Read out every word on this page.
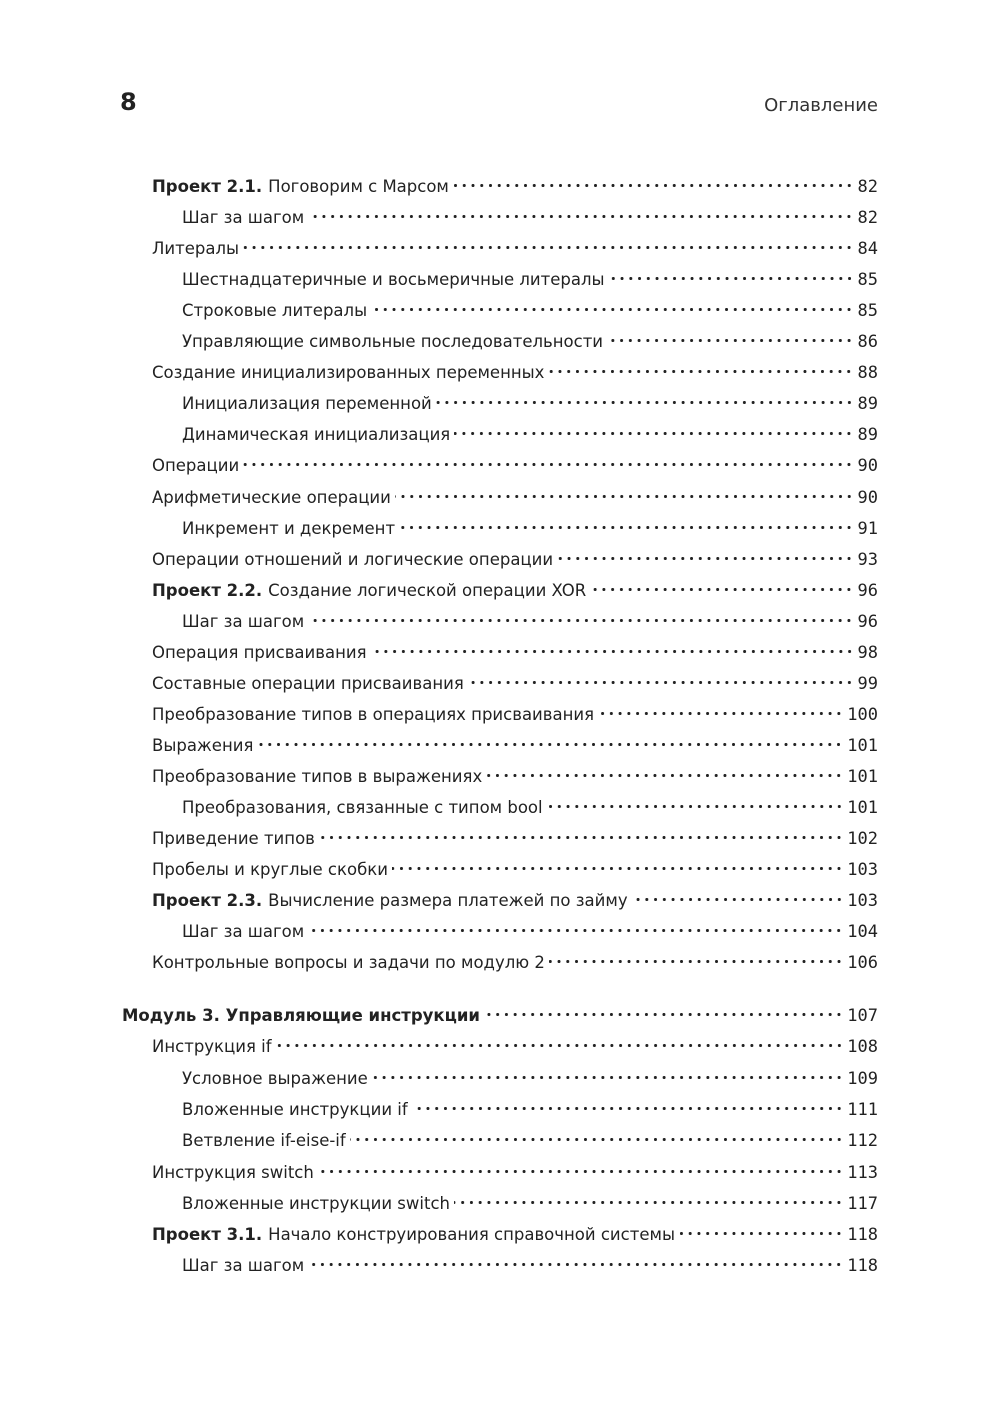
8	Оглавление
Проект 2.1. Поговорим с Марсом	82
Шаг за шагом	82
Литералы	84
Шестнадцатеричные и восьмеричные литералы	85
Строковые литералы	85
Управляющие символьные последовательности	86
Создание инициализированных переменных	88
Инициализация переменной	89
Динамическая инициализация	89
Операции	90
Арифметические операции	90
Инкремент и декремент	91
Операции отношений и логические операции	93
Проект 2.2. Создание логической операции XOR	96
Шаг за шагом	96
Операция присваивания	98
Составные операции присваивания	99
Преобразование типов в операциях присваивания	100
Выражения	101
Преобразование типов в выражениях	101
Преобразования, связанные с типом bool	101
Приведение типов	102
Пробелы и круглые скобки	103
Проект 2.3. Вычисление размера платежей по займу	103
Шаг за шагом	104
Контрольные вопросы и задачи по модулю 2	106
Модуль 3. Управляющие инструкции	107
Инструкция if	108
Условное выражение	109
Вложенные инструкции if	111
Ветвление if-eise-if	112
Инструкция switch	113
Вложенные инструкции switch	117
Проект 3.1. Начало конструирования справочной системы	118
Шаг за шагом	118
